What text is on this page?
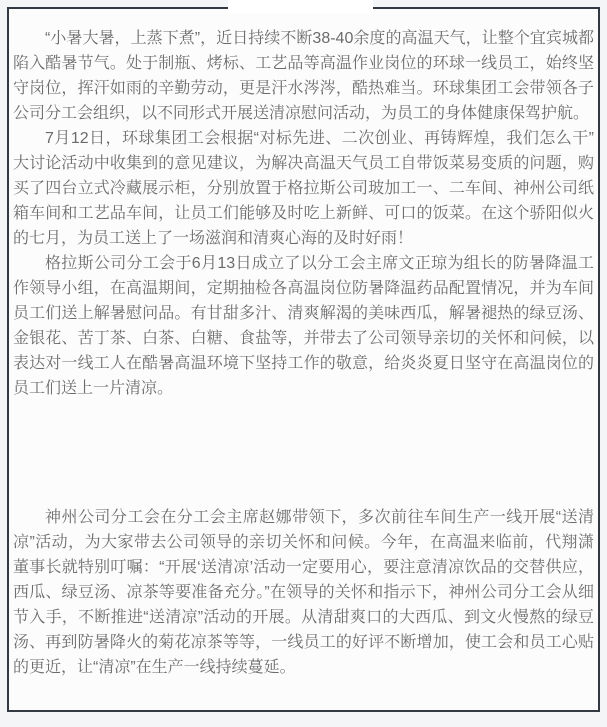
“小暑大暑，上蒸下煮”，近日持续不断38-40余度的高温天气，让整个宜宾城都陷入酷暑节气。处于制瓶、烤标、工艺品等高温作业岗位的环球一线员工，始终坚守岗位，挥汗如雨的辛勤劳动，更是汗水涔涔，酷热难当。环球集团工会带领各子公司分工会组织，以不同形式开展送清凉慰问活动，为员工的身体健康保驾护航。

7月12日，环球集团工会根据“对标先进、二次创业、再铸辉煌，我们怎么干”大讨论活动中收集到的意见建议，为解决高温天气员工自带饭菜易变质的问题，购买了四台立式冷藏展示柜，分别放置于格拉斯公司玻加工一、二车间、神州公司纸箱车间和工艺品车间，让员工们能够及时吃上新鲜、可口的饭菜。在这个骄阳似火的七月，为员工送上了一场滋润和清爽心海的及时好雨！

格拉斯公司分工会于6月13日成立了以分工会主席文正琼为组长的防暑降温工作领导小组，在高温期间，定期抽检各高温岗位防暑降温药品配置情况，并为车间员工们送上解暑慰问品。有甘甜多汁、清爽解渴的美味西瓜，解暑褪热的绿豆汤、金银花、苦丁茶、白茶、白糖、食盐等，并带去了公司领导亲切的关怀和问候，以表达对一线工人在酷暑高温环境下坚持工作的敬意，给炎炎夏日坚守在高温岗位的员工们送上一片清凉。

神州公司分工会在分工会主席赵娜带领下，多次前往车间生产一线开展“送清凉”活动，为大家带去公司领导的亲切关怀和问候。今年，在高温来临前，代翔潇董事长就特别叮嘱：“开展‘送清凉’活动一定要用心，要注意清凉饮品的交替供应，西瓜、绿豆汤、凉茶等要准备充分。”在领导的关怀和指示下，神州公司分工会从细节入手，不断推进“送清凉”活动的开展。从清甜爽口的大西瓜、到文火慢熬的绿豆汤、再到防暑降火的菊花凉茶等等，一线员工的好评不断增加，使工会和员工心贴的更近，让“清凉”在生产一线持续蔓延。
